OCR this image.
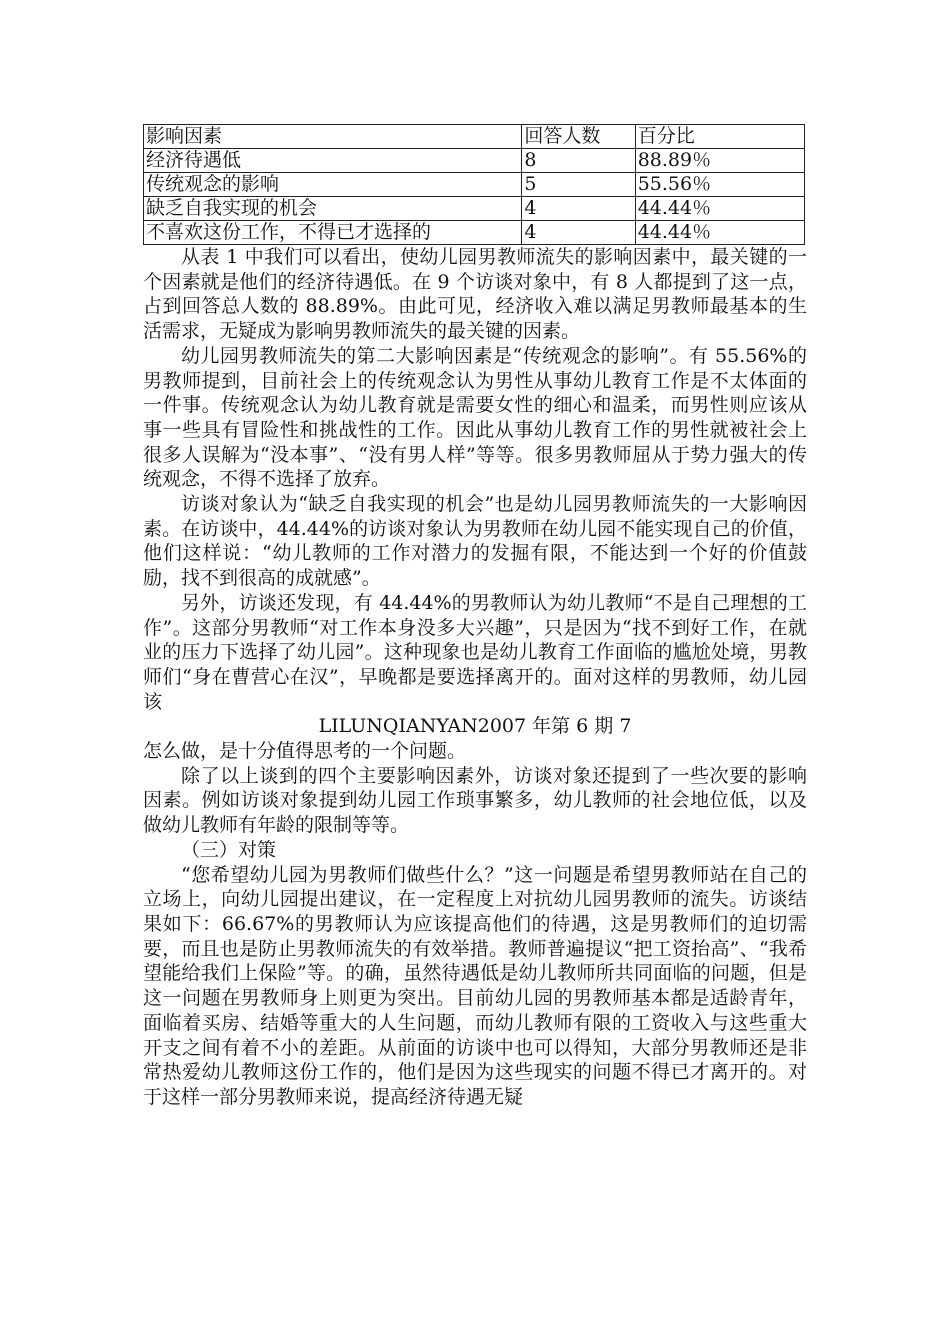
影响因素	回答人数	百分比
经济待遇低	8	88.89％
传统观念的影响	5	55.56％
缺乏自我实现的机会	4	44.44％
不喜欢这份工作，不得已才选择的	4	44.44％

从表 1 中我们可以看出，使幼儿园男教师流失的影响因素中，最关键的一个因素就是他们的经济待遇低。在 9 个访谈对象中，有 8 人都提到了这一点，占到回答总人数的 88.89%。由此可见，经济收入难以满足男教师最基本的生活需求，无疑成为影响男教师流失的最关键的因素。

幼儿园男教师流失的第二大影响因素是“传统观念的影响”。有 55.56%的男教师提到，目前社会上的传统观念认为男性从事幼儿教育工作是不太体面的一件事。传统观念认为幼儿教育就是需要女性的细心和温柔，而男性则应该从事一些具有冒险性和挑战性的工作。因此从事幼儿教育工作的男性就被社会上很多人误解为“没本事”、“没有男人样”等等。很多男教师屈从于势力强大的传统观念，不得不选择了放弃。

访谈对象认为“缺乏自我实现的机会”也是幼儿园男教师流失的一大影响因素。在访谈中，44.44%的访谈对象认为男教师在幼儿园不能实现自己的价值，他们这样说：“幼儿教师的工作对潜力的发掘有限，不能达到一个好的价值鼓励，找不到很高的成就感”。

另外，访谈还发现，有 44.44%的男教师认为幼儿教师“不是自己理想的工作”。这部分男教师“对工作本身没多大兴趣”，只是因为“找不到好工作，在就业的压力下选择了幼儿园”。这种现象也是幼儿教育工作面临的尴尬处境，男教师们“身在曹营心在汉”，早晚都是要选择离开的。面对这样的男教师，幼儿园该

LILUNQIANYAN2007 年第 6 期 7

怎么做，是十分值得思考的一个问题。

除了以上谈到的四个主要影响因素外，访谈对象还提到了一些次要的影响因素。例如访谈对象提到幼儿园工作琐事繁多，幼儿教师的社会地位低，以及做幼儿教师有年龄的限制等等。

（三）对策

“您希望幼儿园为男教师们做些什么？”这一问题是希望男教师站在自己的立场上，向幼儿园提出建议，在一定程度上对抗幼儿园男教师的流失。访谈结果如下：66.67%的男教师认为应该提高他们的待遇，这是男教师们的迫切需要，而且也是防止男教师流失的有效举措。教师普遍提议“把工资抬高”、“我希望能给我们上保险”等。的确，虽然待遇低是幼儿教师所共同面临的问题，但是这一问题在男教师身上则更为突出。目前幼儿园的男教师基本都是适龄青年，面临着买房、结婚等重大的人生问题，而幼儿教师有限的工资收入与这些重大开支之间有着不小的差距。从前面的访谈中也可以得知，大部分男教师还是非常热爱幼儿教师这份工作的，他们是因为这些现实的问题不得已才离开的。对于这样一部分男教师来说，提高经济待遇无疑
